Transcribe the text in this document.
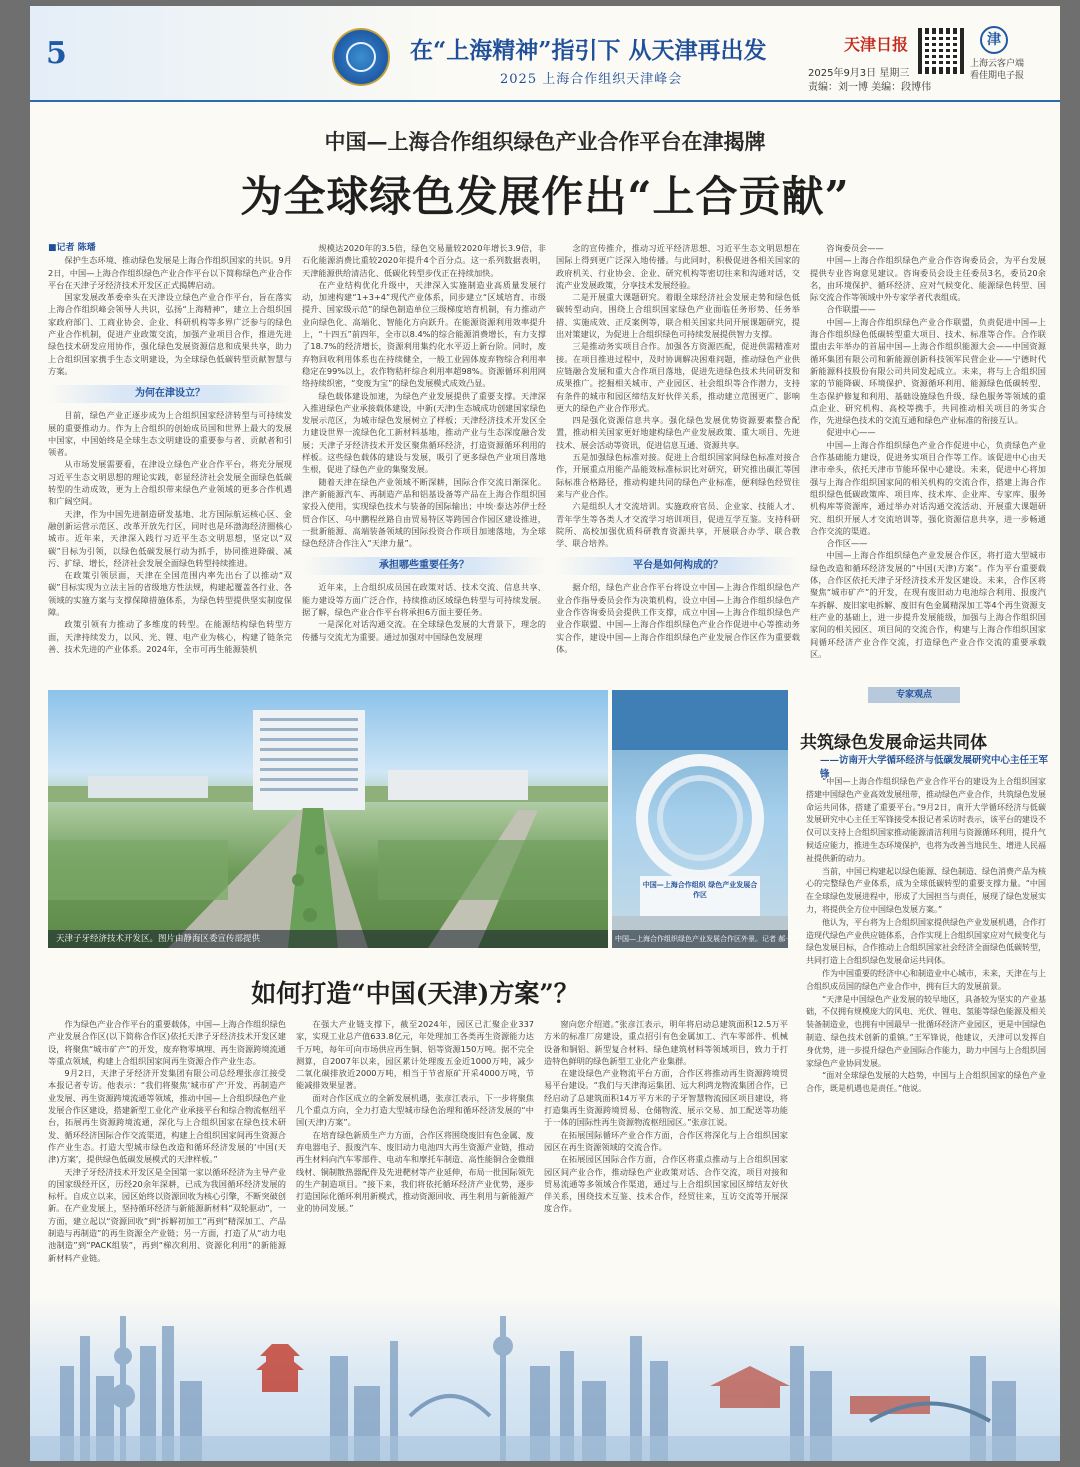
5	在“上海精神”指引下 从天津再出发
2025 上海合作组织天津峰会
天津日报
2025年9月3日 星期三
责编：刘一博 美编：段博伟
津
上海云客户端
看佳期电子报
中国—上海合作组织绿色产业合作平台在津揭牌
为全球绿色发展作出“上合贡献”

■记者 陈璠

保护生态环境、推动绿色发展是上海合作组织国家的共识。9月2日，中国—上海合作组织绿色产业合作平台以下简称绿色产业合作平台在天津子牙经济技术开发区正式揭牌启动。

国家发展改革委牵头在天津设立绿色产业合作平台，旨在落实上海合作组织峰会领导人共识，弘扬“上海精神”，建立上合组织国家政府部门、工商业协会、企业、科研机构等多界广泛参与的绿色产业合作机制，促进产业政策交流，加强产业项目合作，推进先进绿色技术研发应用协作，强化绿色发展资源信息和成果共享，助力上合组织国家携手生态文明建设，为全球绿色低碳转型贡献智慧与方案。

为何在津设立？

目前，绿色产业正逐步成为上合组织国家经济转型与可持续发展的重要推动力。作为上合组织的创始成员国和世界上最大的发展中国家，中国始终是全球生态文明建设的重要参与者、贡献者和引领者。

从市场发展需要看，在津设立绿色产业合作平台，将充分展现习近平生态文明思想的理论实践，彰显经济社会发展全面绿色低碳转型的生动成效，更为上合组织带来绿色产业领域的更多合作机遇和广阔空间。

天津，作为中国先进制造研发基地、北方国际航运核心区、金融创新运营示范区、改革开放先行区，同时也是环渤海经济圈核心城市。近年来，天津深入践行习近平生态文明思想，坚定以“双碳”目标为引领，以绿色低碳发展行动为抓手，协同推进降碳、减污、扩绿、增长，经济社会发展全面绿色转型持续推进。

在政策引领层面，天津在全国范围内率先出台了以推动“双碳”目标实现为立法主旨的省级地方性法规，构建起覆盖各行业、各领域的实施方案与支撑保障措施体系，为绿色转型提供坚实制度保障。

政策引领有力推动了多维度的转型。在能源结构绿色转型方面，天津持续发力，以风、光、锂、电产业为核心，构建了链条完善、技术先进的产业体系。2024年，全市可再生能源装机

规模达2020年的3.5倍，绿色交易量较2020年增长3.9倍，非石化能源消费比重较2020年提升4个百分点。这一系列数据表明，天津能源供给清洁化、低碳化转型步伐正在持续加快。

在产业结构优化升级中，天津深入实施制造业高质量发展行动，加速构建“1+3+4”现代产业体系，同步建立“区域培育、市级提升、国家级示范”的绿色制造单位三级梯度培育机制，有力推动产业向绿色化、高端化、智能化方向跃升。在能源资源利用效率提升上，“十四五”前四年，全市以8.4%的综合能源消费增长，有力支撑了18.7%的经济增长，资源利用集约化水平迈上新台阶。同时，废弃物回收利用体系也在持续健全，一般工业固体废弃物综合利用率稳定在99%以上，农作物秸秆综合利用率超98%。资源循环利用网络持续织密，“变废为宝”的绿色发展模式成效凸显。

绿色载体建设加速，为绿色产业发展提供了重要支撑。天津深入推进绿色产业承接载体建设，中新(天津)生态城成功创建国家绿色发展示范区，为城市绿色发展树立了样板；天津经济技术开发区全力建设世界一流绿色化工新材料基地，推动产业与生态深度融合发展；天津子牙经济技术开发区聚焦循环经济，打造资源循环利用的样板。这些绿色载体的建设与发展，吸引了更多绿色产业项目落地生根，促进了绿色产业的集聚发展。

随着天津在绿色产业领域不断深耕，国际合作交流日渐深化。津产新能源汽车、再制造产品和铝基设备等产品在上海合作组织国家投入使用，实现绿色技术与装备的国际输出；中埃·泰达苏伊士经贸合作区、乌中鹏程丝路自由贸易特区等跨国合作园区建设推进，一批新能源、高端装备领域的国际投资合作项目加速落地，为全球绿色经济合作注入“天津力量”。

承担哪些重要任务？

近年来，上合组织成员国在政策对话、技术交流、信息共享、能力建设等方面广泛合作，持续推动区域绿色转型与可持续发展。据了解，绿色产业合作平台将承担6方面主要任务。

一是深化对话沟通交流。在全球绿色发展的大背景下，理念的传播与交流尤为重要。通过加强对中国绿色发展理

念的宣传推介，推动习近平经济思想、习近平生态文明思想在国际上得到更广泛深入地传播。与此同时，积极促进各相关国家的政府机关、行业协会、企业、研究机构等密切往来和沟通对话，交流产业发展政策，分享技术发展经验。

二是开展重大课题研究。着眼全球经济社会发展走势和绿色低碳转型动向，围绕上合组织国家绿色产业面临任务形势、任务举措、实施成效、正反案例等，联合相关国家共同开展课题研究，提出对策建议，为促进上合组织绿色可持续发展提供智力支撑。

三是推动务实项目合作。加强各方资源匹配，促进供需精准对接。在项目推进过程中，及时协调解决困难问题，推动绿色产业供应链融合发展和重大合作项目落地，促进先进绿色技术共同研发和成果推广。挖掘相关城市、产业园区、社会组织等合作潜力，支持有条件的城市和园区缔结友好伙伴关系，推动建立范围更广、影响更大的绿色产业合作形式。

四是强化资源信息共享。强化绿色发展优势资源要素整合配置，推动相关国家更好地建构绿色产业发展政策、重大项目、先进技术、展会活动等资讯，促进信息互通、资源共享。

五是加强绿色标准对接。促进上合组织国家间绿色标准对接合作，开展重点用能产品能效标准标识比对研究，研究推出碳汇等国际标准合格路径，推动构建共同的绿色产业标准，便利绿色经贸往来与产业合作。

六是组织人才交流培训。实施政府官员、企业家、技能人才、青年学生等各类人才交流学习培训项目，促进互学互鉴。支持科研院所、高校加强优质科研教育资源共享，开展联合办学、联合教学、联合培养。

平台是如何构成的？

据介绍，绿色产业合作平台将设立中国—上海合作组织绿色产业合作指导委员会作为决策机构，设立中国—上海合作组织绿色产业合作咨询委员会提供工作支撑，成立中国—上海合作组织绿色产业合作联盟、中国—上海合作组织绿色产业合作促进中心等推动务实合作，建设中国—上海合作组织绿色产业发展合作区作为重要载体。

咨询委员会——

中国—上海合作组织绿色产业合作咨询委员会，为平台发展提供专业咨询意见建议。咨询委员会设主任委员3名，委员20余名，由环境保护、循环经济、应对气候变化、能源绿色转型、国际交流合作等领域中外专家学者代表组成。

合作联盟——

中国—上海合作组织绿色产业合作联盟，负责促进中国—上海合作组织绿色低碳转型重大项目、技术、标准等合作。合作联盟由去年举办的首届中国—上海合作组织能源大会——中国资源循环集团有限公司和新能源创新科技领军民营企业——宁德时代新能源科技股份有限公司共同发起成立。未来，将与上合组织国家的节能降碳、环境保护、资源循环利用、能源绿色低碳转型、生态保护修复和利用、基础设施绿色升级、绿色服务等领域的重点企业、研究机构、高校等携手，共同推动相关项目的务实合作，先进绿色技术的交流互通和绿色产业标准的衔接互认。

促进中心——

中国—上海合作组织绿色产业合作促进中心，负责绿色产业合作基础能力建设，促进务实项目合作等工作。该促进中心由天津市牵头，依托天津市节能环保中心建设。未来，促进中心将加强与上海合作组织国家间的相关机构的交流合作，搭建上海合作组织绿色低碳政策库、项目库、技术库、企业库、专家库、服务机构库等资源库，通过举办对话沟通交流活动、开展重大课题研究、组织开展人才交流培训等，强化资源信息共享，进一步畅通合作交流的渠道。

合作区——

中国—上海合作组织绿色产业发展合作区，将打造大型城市绿色改造和循环经济发展的“中国(天津)方案”。作为平台重要载体，合作区依托天津子牙经济技术开发区建设。未来，合作区将聚焦“城市矿产”的开发，在现有废旧动力电池综合利用、报废汽车拆解、废旧家电拆解、废旧有色金属精深加工等4个再生资源支柱产业的基础上，进一步提升发展能级，加强与上海合作组织国家间的相关园区、项目间的交流合作，构建与上海合作组织国家间循环经济产业合作交流，打造绿色产业合作交流的重要承载区。

天津子牙经济技术开发区。图片由静海区委宣传部提供
中国—上海合作组织 绿色产业发展合作区
中国—上海合作组织绿色产业发展合作区外景。记者 郝一萍 摄
专家观点
共筑绿色发展命运共同体
——访南开大学循环经济与低碳发展研究中心主任王军锋

“中国—上海合作组织绿色产业合作平台的建设为上合组织国家搭建中国绿色产业高效发展纽带，推动绿色产业合作，共筑绿色发展命运共同体，搭建了重要平台。”9月2日，南开大学循环经济与低碳发展研究中心主任王军锋接受本报记者采访时表示，该平台的建设不仅可以支持上合组织国家推动能源清洁利用与资源循环利用，提升气候适应能力，推进生态环境保护，也将为改善当地民生、增进人民福祉提供新的动力。

当前，中国已构建起以绿色能源、绿色制造、绿色消费产品为核心的完整绿色产业体系，成为全球低碳转型的重要支撑力量。“中国在全球绿色发展进程中，形成了大国担当与责任，展现了绿色发展实力，将提供全方位中国绿色发展方案。”

他认为，平台将为上合组织国家提供绿色产业发展机遇，合作打造现代绿色产业供应链体系，合作实现上合组织国家应对气候变化与绿色发展目标，合作推动上合组织国家社会经济全面绿色低碳转型，共同打造上合组织绿色发展命运共同体。

作为中国重要的经济中心和制造业中心城市，未来，天津在与上合组织成员国的绿色产业合作中，拥有巨大的发展前景。

“天津是中国绿色产业发展的较早地区，具备较为坚实的产业基础，不仅拥有规模庞大的风电、光伏、锂电、氢能等绿色能源及相关装备制造业，也拥有中国最早一批循环经济产业园区，更是中国绿色制造、绿色技术创新的重镇。”王军锋说，他建议，天津可以发挥自身优势，进一步提升绿色产业国际合作能力，助力中国与上合组织国家绿色产业协同发展。

“面对全球绿色发展的大趋势，中国与上合组织国家的绿色产业合作，既是机遇也是责任。”他说。

如何打造“中国(天津)方案”？

作为绿色产业合作平台的重要载体，中国—上海合作组织绿色产业发展合作区(以下简称合作区)依托天津子牙经济技术开发区建设，将聚焦“城市矿产”的开发，废弃物零填埋、再生资源跨境流通等重点领域，构建上合组织国家间再生资源合作产业生态。

9月2日，天津子牙经济开发集团有限公司总经理张彦江接受本报记者专访。他表示：“我们将聚焦‘城市矿产’开发、再制造产业发展、再生资源跨境流通等领域，推动中国—上合组织绿色产业发展合作区建设，搭建新型工业化产业承接平台和综合物流枢纽平台，拓展再生资源跨境流通，深化与上合组织国家在绿色技术研发、循环经济国际合作交流渠道，构建上合组织国家间再生资源合作产业生态。打造大型城市绿色改造和循环经济发展的‘中国(天津)方案’，提供绿色低碳发展模式的天津样板。”

天津子牙经济技术开发区是全国第一家以循环经济为主导产业的国家级经开区，历经20余年深耕，已成为我国循环经济发展的标杆。自成立以来，园区始终以资源回收为核心引擎，不断突破创新。在产业发展上，坚持循环经济与新能源新材料“双轮驱动”，一方面，建立起以“资源回收”到“拆解初加工”再到“精深加工、产品制造与再制造”的再生资源全产业链；另一方面，打造了从“动力电池制造”到“PACK组装”，再到“梯次利用、资源化利用”的新能源新材料产业链。

在强大产业链支撑下，截至2024年，园区已汇聚企业337家，实现工业总产值633.8亿元，年处理加工各类再生资源能力达千万吨，每年可向市场供应再生铜、铝等资源150万吨。据不完全测算，自2007年以来，园区累计处理废五金近1000万吨，减少二氧化碳排放近2000万吨，相当于节省原矿开采4000万吨，节能减排效果显著。

面对合作区成立的全新发展机遇，张彦江表示，下一步将聚焦几个重点方向，全力打造大型城市绿色治理和循环经济发展的“中国(天津)方案”。

在培育绿色新质生产力方面，合作区将围绕废旧有色金属、废弃电器电子、报废汽车、废旧动力电池四大再生资源产业链，推动再生材料向汽车零部件、电动车和摩托车制造、高性能铜合金微细线材、铜制散热器配件及先进靶材等产业延伸，布局一批国际领先的生产制造项目。“接下来，我们将依托循环经济产业优势，逐步打造国际化循环利用新模式，推动资源回收、再生利用与新能源产业的协同发展。”

窗向您介绍道。”张彦江表示，明年将启动总建筑面积12.5万平方米的标准厂房建设，重点招引有色金属加工、汽车零部件、机械设备和铜铝、新型复合材料、绿色建筑材料等领域项目，致力于打造特色鲜明的绿色新型工业化产业集群。

在建设绿色产业物流平台方面，合作区将推动再生资源跨境贸易平台建设。“我们与天津海运集团、远大利鸿龙物流集团合作，已经启动了总建筑面积14万平方米的子牙智慧物流园区项目建设，将打造集再生资源跨境贸易、仓储物流、展示交易、加工配送等功能于一体的国际性再生资源物流枢纽园区。”张彦江说。

在拓展国际循环产业合作方面，合作区将深化与上合组织国家园区在再生资源领域的交流合作。

在拓展园区国际合作方面，合作区将重点推动与上合组织国家园区间产业合作，推动绿色产业政策对话、合作交流，项目对接和贸易流通等多领域合作渠道，通过与上合组织国家园区缔结友好伙伴关系，围绕技术互鉴、技术合作，经贸往来，互访交流等开展深度合作。
